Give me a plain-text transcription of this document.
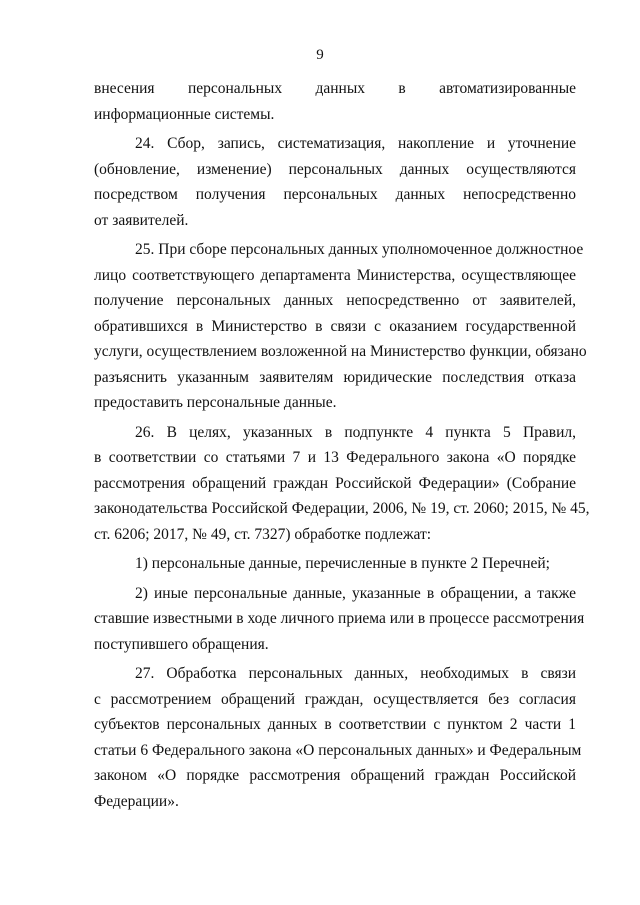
9
внесения персональных данных в автоматизированные
информационные системы.
24. Сбор, запись, систематизация, накопление и уточнение
(обновление, изменение) персональных данных осуществляются
посредством получения персональных данных непосредственно
от заявителей.
25. При сборе персональных данных уполномоченное должностное
лицо соответствующего департамента Министерства, осуществляющее
получение персональных данных непосредственно от заявителей,
обратившихся в Министерство в связи с оказанием государственной
услуги, осуществлением возложенной на Министерство функции, обязано
разъяснить указанным заявителям юридические последствия отказа
предоставить персональные данные.
26. В целях, указанных в подпункте 4 пункта 5 Правил,
в соответствии со статьями 7 и 13 Федерального закона «О порядке
рассмотрения обращений граждан Российской Федерации» (Собрание
законодательства Российской Федерации, 2006, № 19, ст. 2060; 2015, № 45,
ст. 6206; 2017, № 49, ст. 7327) обработке подлежат:
1) персональные данные, перечисленные в пункте 2 Перечней;
2) иные персональные данные, указанные в обращении, а также
ставшие известными в ходе личного приема или в процессе рассмотрения
поступившего обращения.
27. Обработка персональных данных, необходимых в связи
с рассмотрением обращений граждан, осуществляется без согласия
субъектов персональных данных в соответствии с пунктом 2 части 1
статьи 6 Федерального закона «О персональных данных» и Федеральным
законом «О порядке рассмотрения обращений граждан Российской
Федерации».
